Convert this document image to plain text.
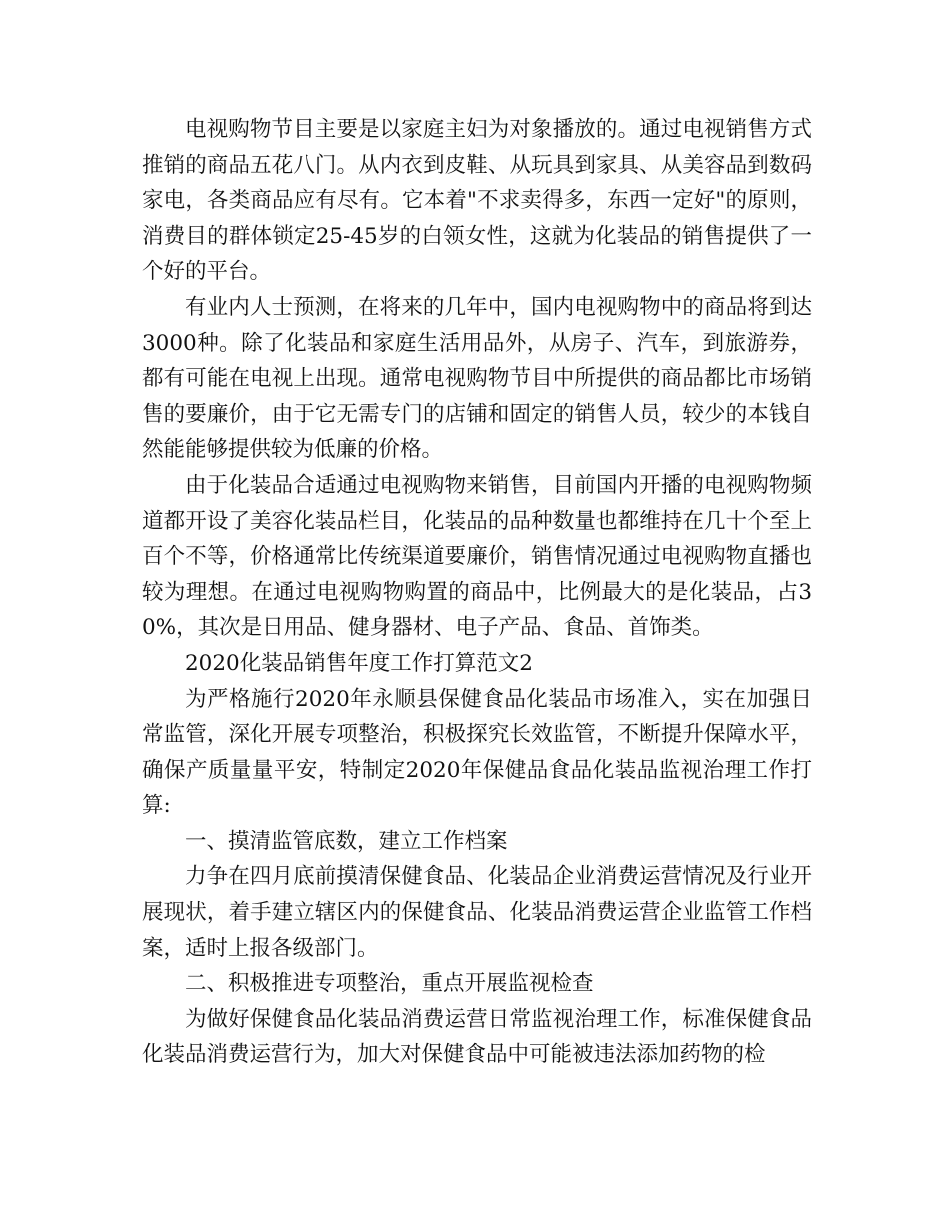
电视购物节目主要是以家庭主妇为对象播放的。通过电视销售方式推销的商品五花八门。从内衣到皮鞋、从玩具到家具、从美容品到数码家电，各类商品应有尽有。它本着"不求卖得多，东西一定好"的原则，消费目的群体锁定25-45岁的白领女性，这就为化装品的销售提供了一个好的平台。

有业内人士预测，在将来的几年中，国内电视购物中的商品将到达3000种。除了化装品和家庭生活用品外，从房子、汽车，到旅游券，都有可能在电视上出现。通常电视购物节目中所提供的商品都比市场销售的要廉价，由于它无需专门的店铺和固定的销售人员，较少的本钱自然能能够提供较为低廉的价格。

由于化装品合适通过电视购物来销售，目前国内开播的电视购物频道都开设了美容化装品栏目，化装品的品种数量也都维持在几十个至上百个不等，价格通常比传统渠道要廉价，销售情况通过电视购物直播也较为理想。在通过电视购物购置的商品中，比例最大的是化装品，占30%，其次是日用品、健身器材、电子产品、食品、首饰类。

2020化装品销售年度工作打算范文2

为严格施行2020年永顺县保健食品化装品市场准入，实在加强日常监管，深化开展专项整治，积极探究长效监管，不断提升保障水平，确保产质量量平安，特制定2020年保健品食品化装品监视治理工作打算:

一、摸清监管底数，建立工作档案

力争在四月底前摸清保健食品、化装品企业消费运营情况及行业开展现状，着手建立辖区内的保健食品、化装品消费运营企业监管工作档案，适时上报各级部门。

二、积极推进专项整治，重点开展监视检查

为做好保健食品化装品消费运营日常监视治理工作，标准保健食品化装品消费运营行为，加大对保健食品中可能被违法添加药物的检
